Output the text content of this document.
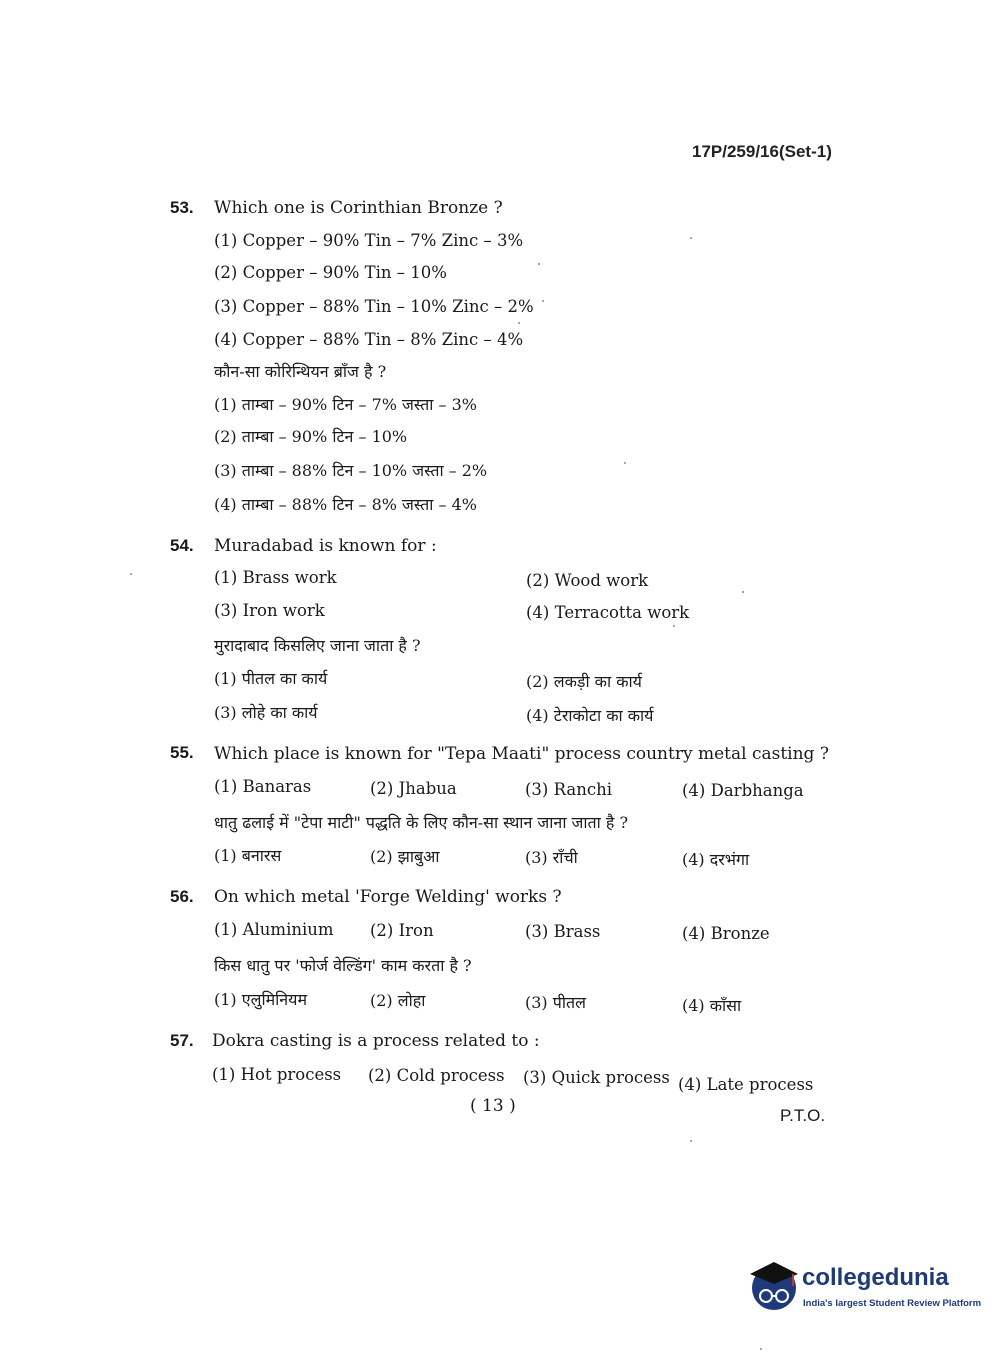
17P/259/16(Set-1)
53. Which one is Corinthian Bronze ?
(1) Copper – 90% Tin – 7% Zinc – 3%
(2) Copper – 90% Tin – 10%
(3) Copper – 88% Tin – 10% Zinc – 2%
(4) Copper – 88% Tin – 8% Zinc – 4%
कौन-सा कोरिन्थियन ब्रॉंज है ?
(1) ताम्बा – 90% टिन – 7% जस्ता – 3%
(2) ताम्बा – 90% टिन – 10%
(3) ताम्बा – 88% टिन – 10% जस्ता – 2%
(4) ताम्बा – 88% टिन – 8% जस्ता – 4%
54. Muradabad is known for :
(1) Brass work	(2) Wood work
(3) Iron work	(4) Terracotta work
मुरादाबाद किसलिए जाना जाता है ?
(1) पीतल का कार्य	(2) लकड़ी का कार्य
(3) लोहे का कार्य	(4) टेराकोटा का कार्य
55. Which place is known for "Tepa Maati" process country metal casting ?
(1) Banaras	(2) Jhabua	(3) Ranchi	(4) Darbhanga
धातु ढलाई में "टेपा माटी" पद्धति के लिए कौन-सा स्थान जाना जाता है ?
(1) बनारस	(2) झाबुआ	(3) राँची	(4) दरभंगा
56. On which metal 'Forge Welding' works ?
(1) Aluminium (2) Iron	(3) Brass	(4) Bronze
किस धातु पर 'फोर्ज वेल्डिंग' काम करता है ?
(1) एलुमिनियम	(2) लोहा	(3) पीतल	(4) काँसा
57. Dokra casting is a process related to :
(1) Hot process (2) Cold process (3) Quick process (4) Late process
( 13 )	P.T.O.
collegedunia
India's largest Student Review Platform
